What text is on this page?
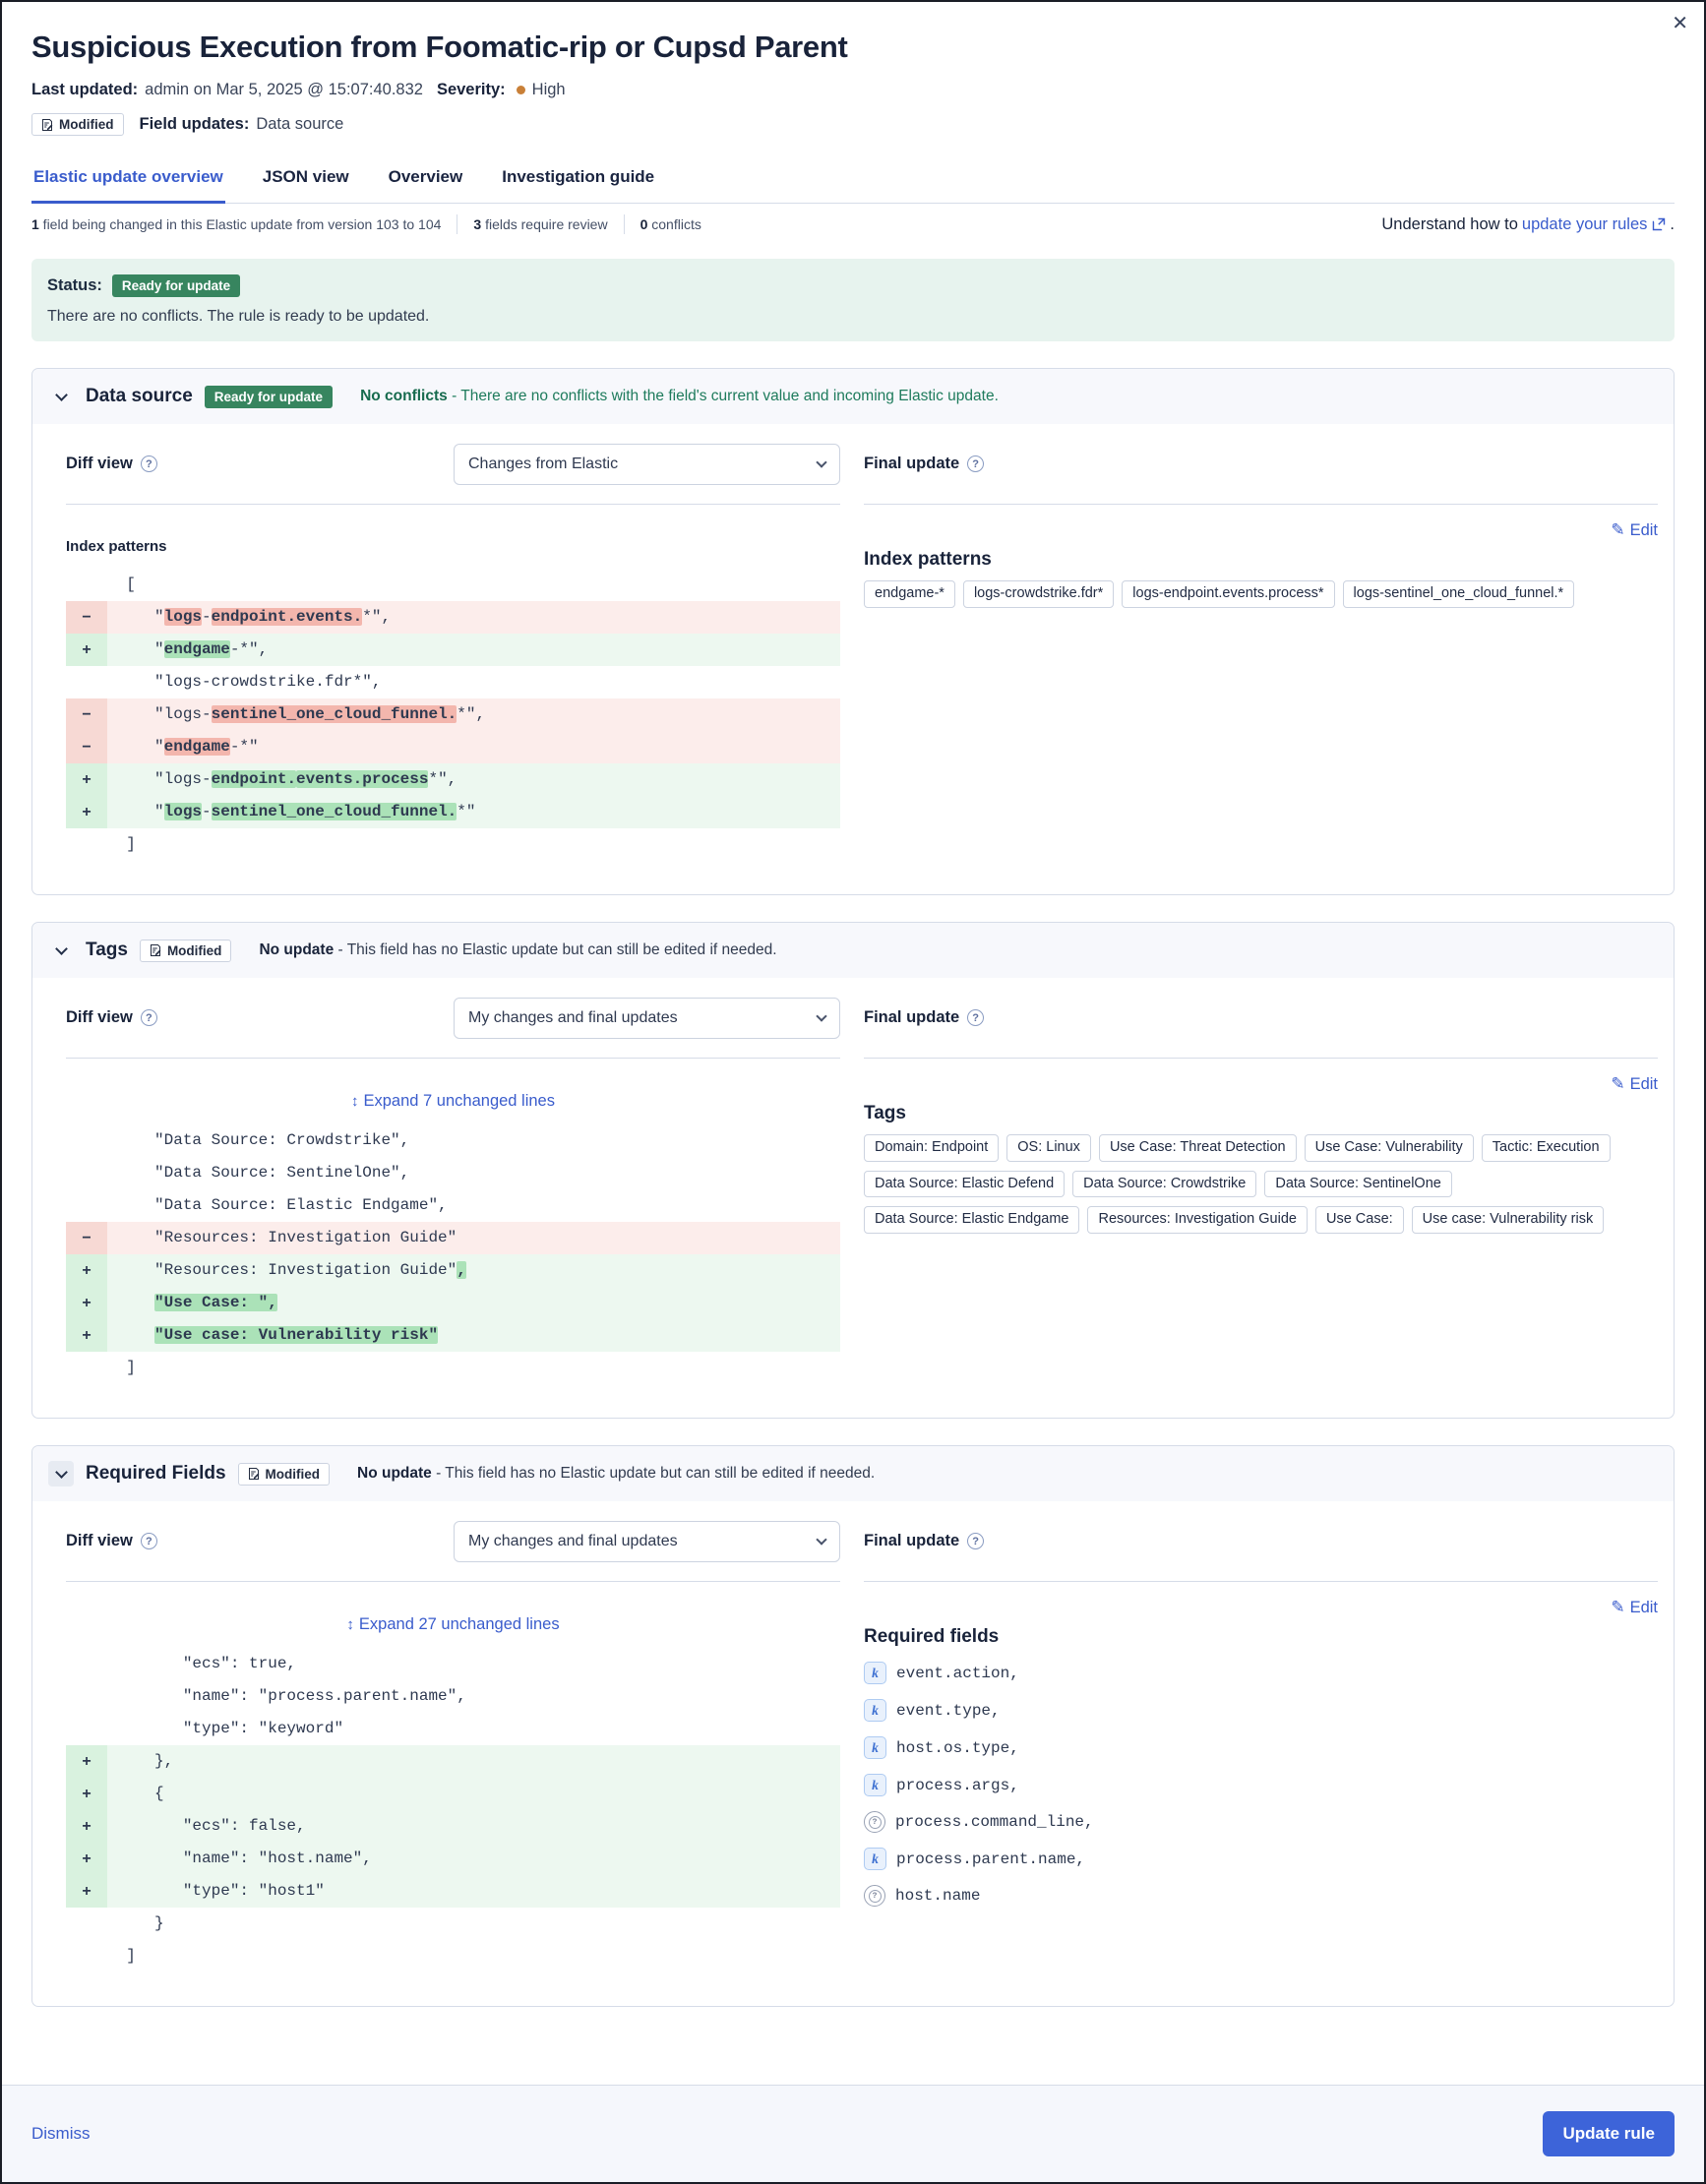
✕
Suspicious Execution from Foomatic-rip or Cupsd Parent
Last updated: admin on Mar 5, 2025 @ 15:07:40.832 Severity: High
Modified Field updates: Data source
Elastic update overview JSON view Overview Investigation guide
1 field being changed in this Elastic update from version 103 to 104	3 fields require review	0 conflicts	Understand how to update your rules .
Status:	Ready for update
There are no conflicts. The rule is ready to be updated.
Data source	Ready for update	No conflicts - There are no conflicts with the field's current value and incoming Elastic update.
Diff view	?	Changes from Elastic
Index patterns
[
−	"logs-endpoint.events.*",
+	"endgame-*",
"logs-crowdstrike.fdr*",
−	"logs-sentinel_one_cloud_funnel.*",
−	"endgame-*"
+	"logs-endpoint.events.process*",
+	"logs-sentinel_one_cloud_funnel.*"
]
Final update	?
✎ Edit
Index patterns
endgame-*	logs-crowdstrike.fdr*	logs-endpoint.events.process*	logs-sentinel_one_cloud_funnel.*
Tags	Modified No update - This field has no Elastic update but can still be edited if needed.
Diff view	?	My changes and final updates
↕ Expand 7 unchanged lines
"Data Source: Crowdstrike",
"Data Source: SentinelOne",
"Data Source: Elastic Endgame",
−	"Resources: Investigation Guide"
+	"Resources: Investigation Guide",
+	"Use Case: ",
+	"Use case: Vulnerability risk"
]
Final update	?
✎ Edit
Tags
Domain: Endpoint	OS: Linux	Use Case: Threat Detection	Use Case: Vulnerability	Tactic: Execution
Data Source: Elastic Defend	Data Source: Crowdstrike	Data Source: SentinelOne
Data Source: Elastic Endgame	Resources: Investigation Guide	Use Case:	Use case: Vulnerability risk
Required Fields	Modified No update - This field has no Elastic update but can still be edited if needed.
Diff view	?	My changes and final updates
↕ Expand 27 unchanged lines
"ecs": true,
"name": "process.parent.name",
"type": "keyword"
+	},
+	{
+	"ecs": false,
+	"name": "host.name",
+	"type": "host1"
}
]
Final update	?
✎ Edit
Required fields
k	event.action,
k	event.type,
k	host.os.type,
k	process.args,
? process.command_line,
k	process.parent.name,
? host.name
Dismiss	Update rule
